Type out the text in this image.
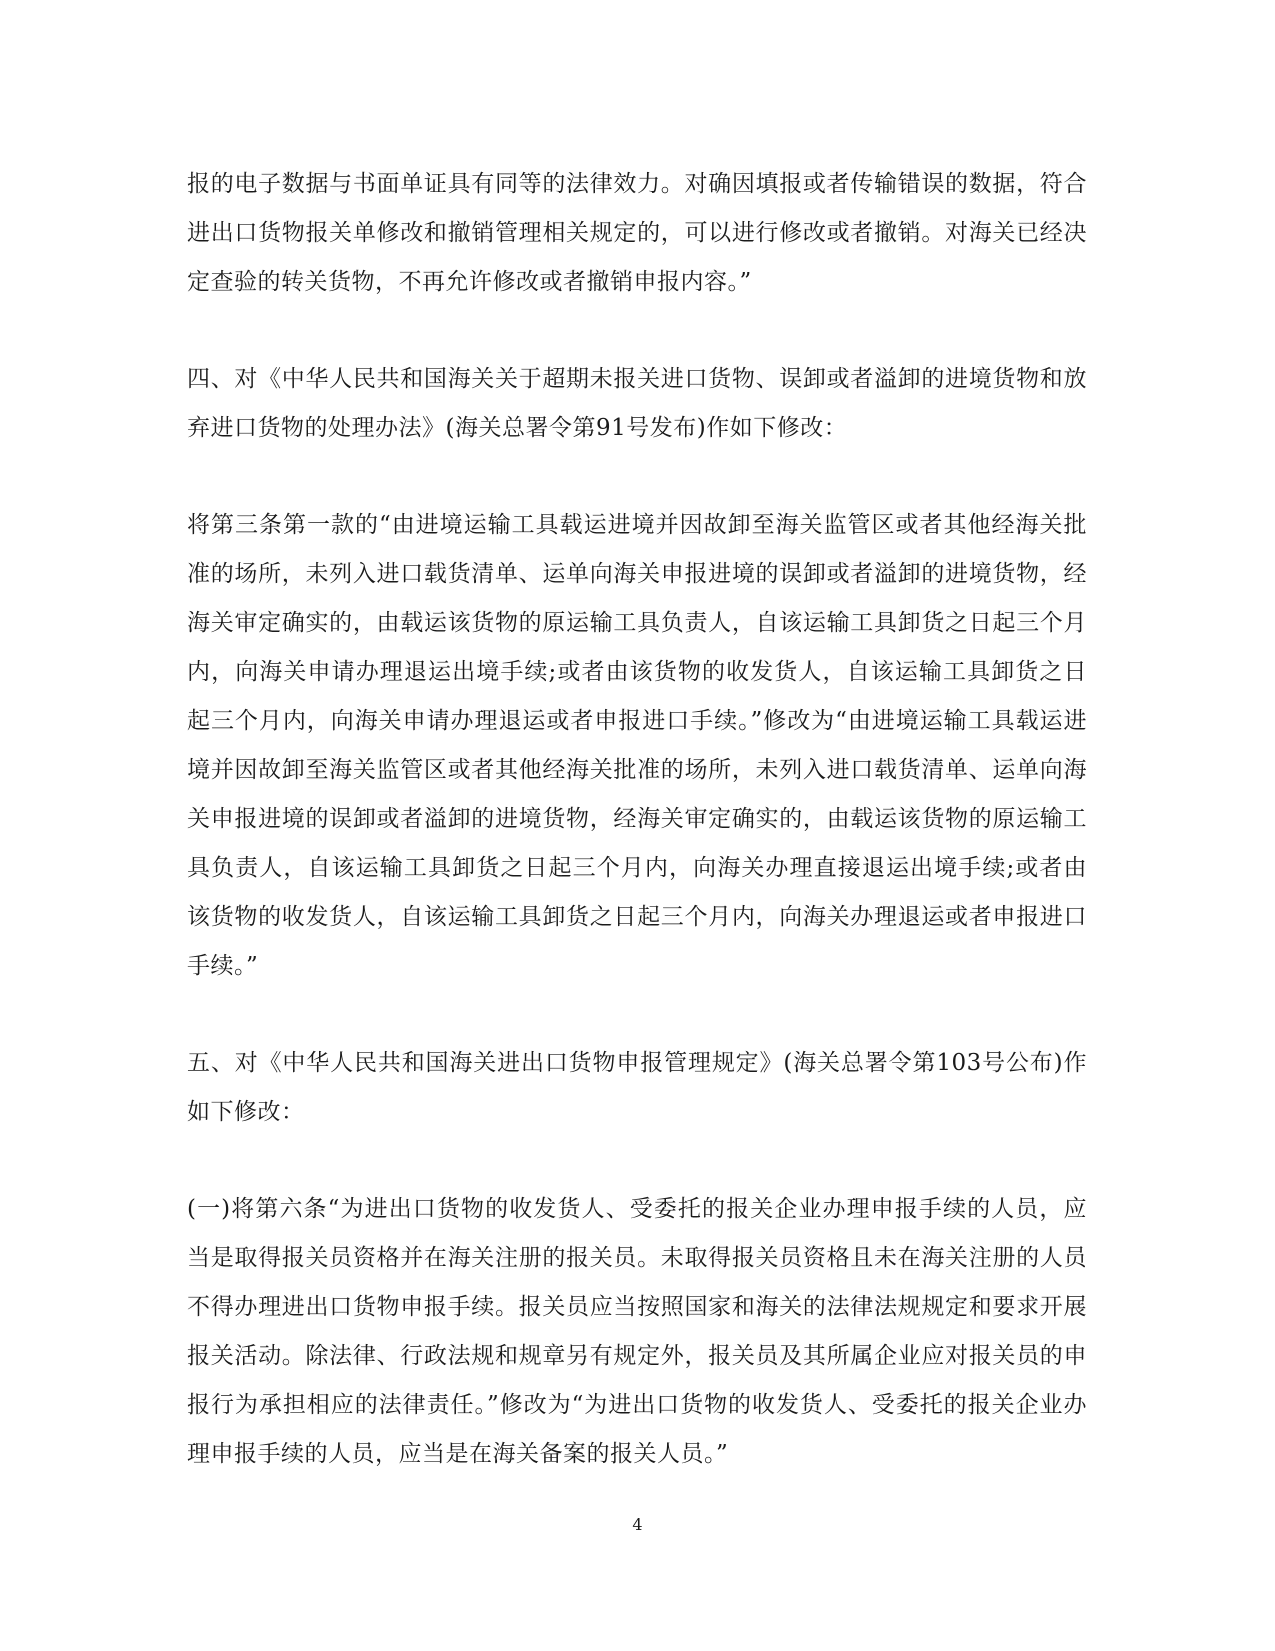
报的电子数据与书面单证具有同等的法律效力。对确因填报或者传输错误的数据，符合进出口货物报关单修改和撤销管理相关规定的，可以进行修改或者撤销。对海关已经决定查验的转关货物，不再允许修改或者撤销申报内容。”

四、对《中华人民共和国海关关于超期未报关进口货物、误卸或者溢卸的进境货物和放弃进口货物的处理办法》(海关总署令第91号发布)作如下修改：

将第三条第一款的“由进境运输工具载运进境并因故卸至海关监管区或者其他经海关批准的场所，未列入进口载货清单、运单向海关申报进境的误卸或者溢卸的进境货物，经海关审定确实的，由载运该货物的原运输工具负责人，自该运输工具卸货之日起三个月内，向海关申请办理退运出境手续;或者由该货物的收发货人，自该运输工具卸货之日起三个月内，向海关申请办理退运或者申报进口手续。”修改为“由进境运输工具载运进境并因故卸至海关监管区或者其他经海关批准的场所，未列入进口载货清单、运单向海关申报进境的误卸或者溢卸的进境货物，经海关审定确实的，由载运该货物的原运输工具负责人，自该运输工具卸货之日起三个月内，向海关办理直接退运出境手续;或者由该货物的收发货人，自该运输工具卸货之日起三个月内，向海关办理退运或者申报进口手续。”

五、对《中华人民共和国海关进出口货物申报管理规定》(海关总署令第103号公布)作如下修改：

(一)将第六条“为进出口货物的收发货人、受委托的报关企业办理申报手续的人员，应当是取得报关员资格并在海关注册的报关员。未取得报关员资格且未在海关注册的人员不得办理进出口货物申报手续。报关员应当按照国家和海关的法律法规规定和要求开展报关活动。除法律、行政法规和规章另有规定外，报关员及其所属企业应对报关员的申报行为承担相应的法律责任。”修改为“为进出口货物的收发货人、受委托的报关企业办理申报手续的人员，应当是在海关备案的报关人员。”

4
